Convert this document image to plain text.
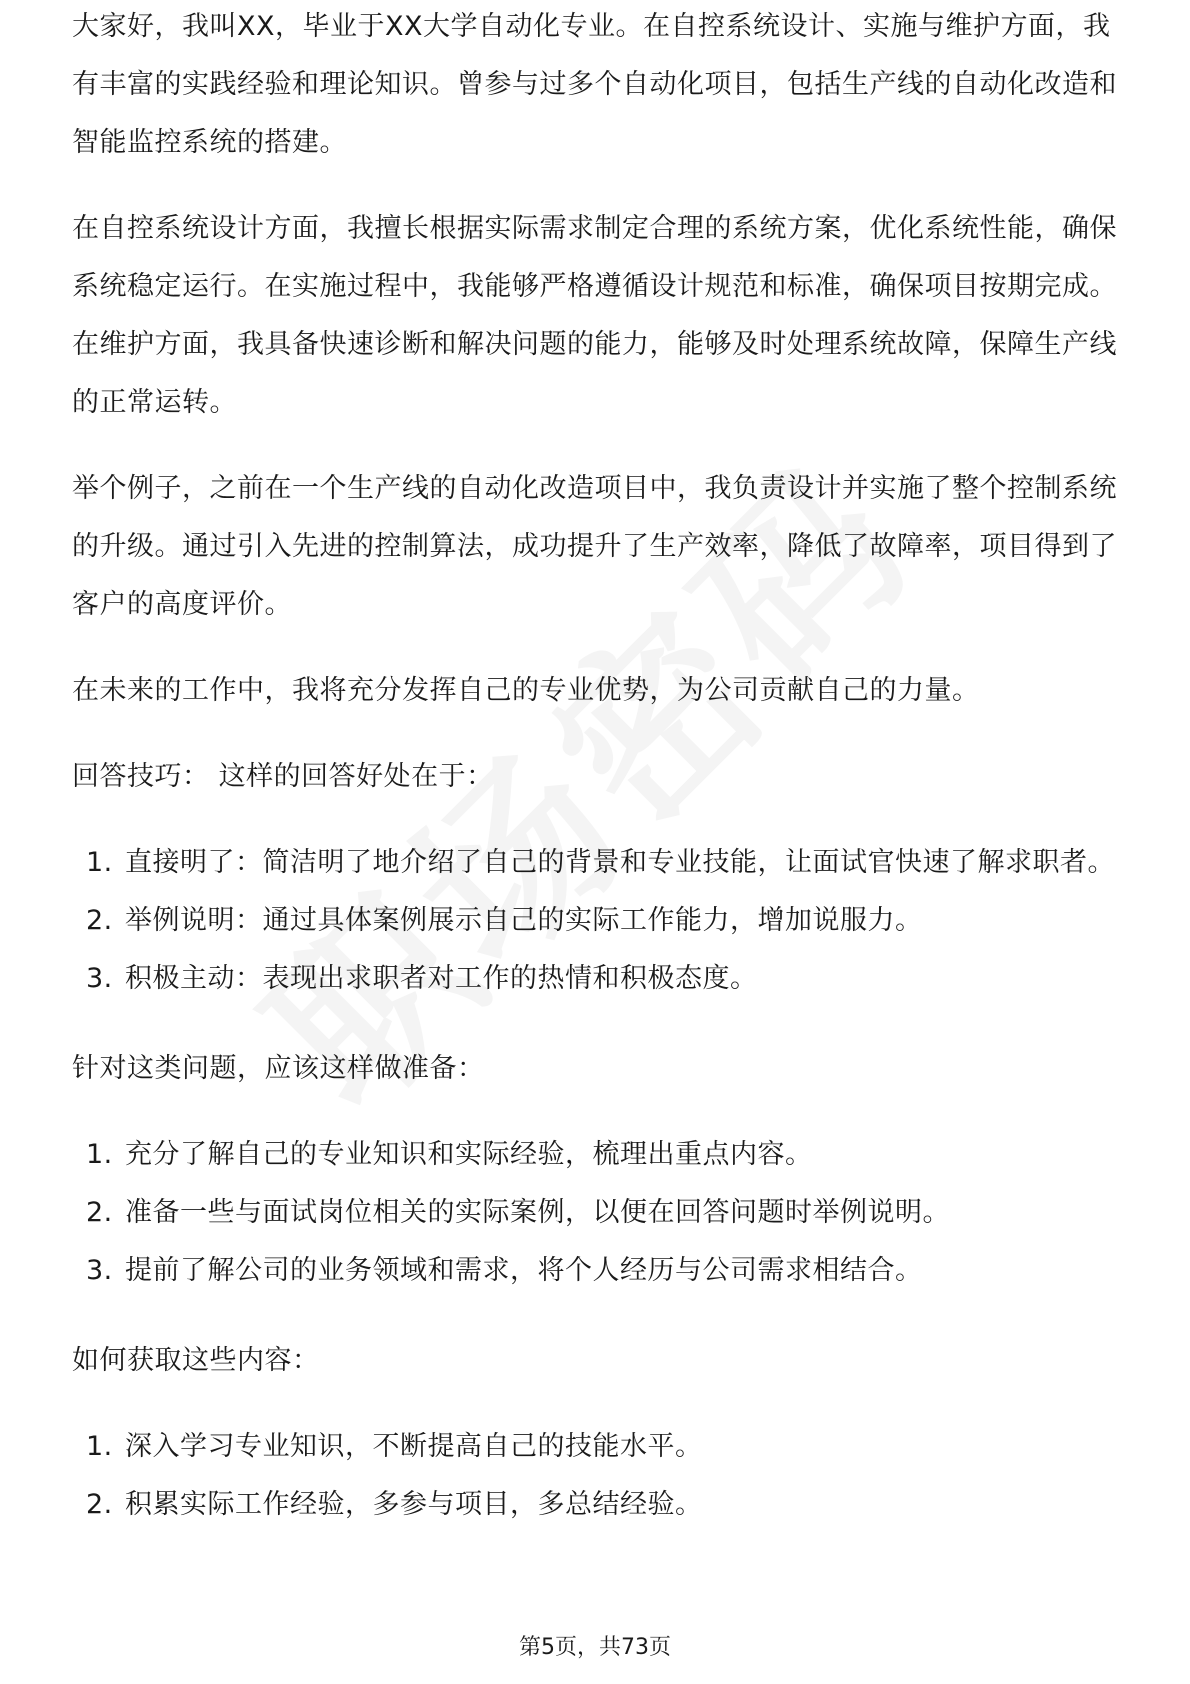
大家好，我叫XX，毕业于XX大学自动化专业。在自控系统设计、实施与维护方面，我有丰富的实践经验和理论知识。曾参与过多个自动化项目，包括生产线的自动化改造和智能监控系统的搭建。

在自控系统设计方面，我擅长根据实际需求制定合理的系统方案，优化系统性能，确保系统稳定运行。在实施过程中，我能够严格遵循设计规范和标准，确保项目按期完成。在维护方面，我具备快速诊断和解决问题的能力，能够及时处理系统故障，保障生产线的正常运转。

举个例子，之前在一个生产线的自动化改造项目中，我负责设计并实施了整个控制系统的升级。通过引入先进的控制算法，成功提升了生产效率，降低了故障率，项目得到了客户的高度评价。

在未来的工作中，我将充分发挥自己的专业优势，为公司贡献自己的力量。

回答技巧： 这样的回答好处在于：

1. 直接明了：简洁明了地介绍了自己的背景和专业技能，让面试官快速了解求职者。
2. 举例说明：通过具体案例展示自己的实际工作能力，增加说服力。
3. 积极主动：表现出求职者对工作的热情和积极态度。

针对这类问题，应该这样做准备：

1. 充分了解自己的专业知识和实际经验，梳理出重点内容。
2. 准备一些与面试岗位相关的实际案例，以便在回答问题时举例说明。
3. 提前了解公司的业务领域和需求，将个人经历与公司需求相结合。

如何获取这些内容：

1. 深入学习专业知识，不断提高自己的技能水平。
2. 积累实际工作经验，多参与项目，多总结经验。
第5页，共73页
